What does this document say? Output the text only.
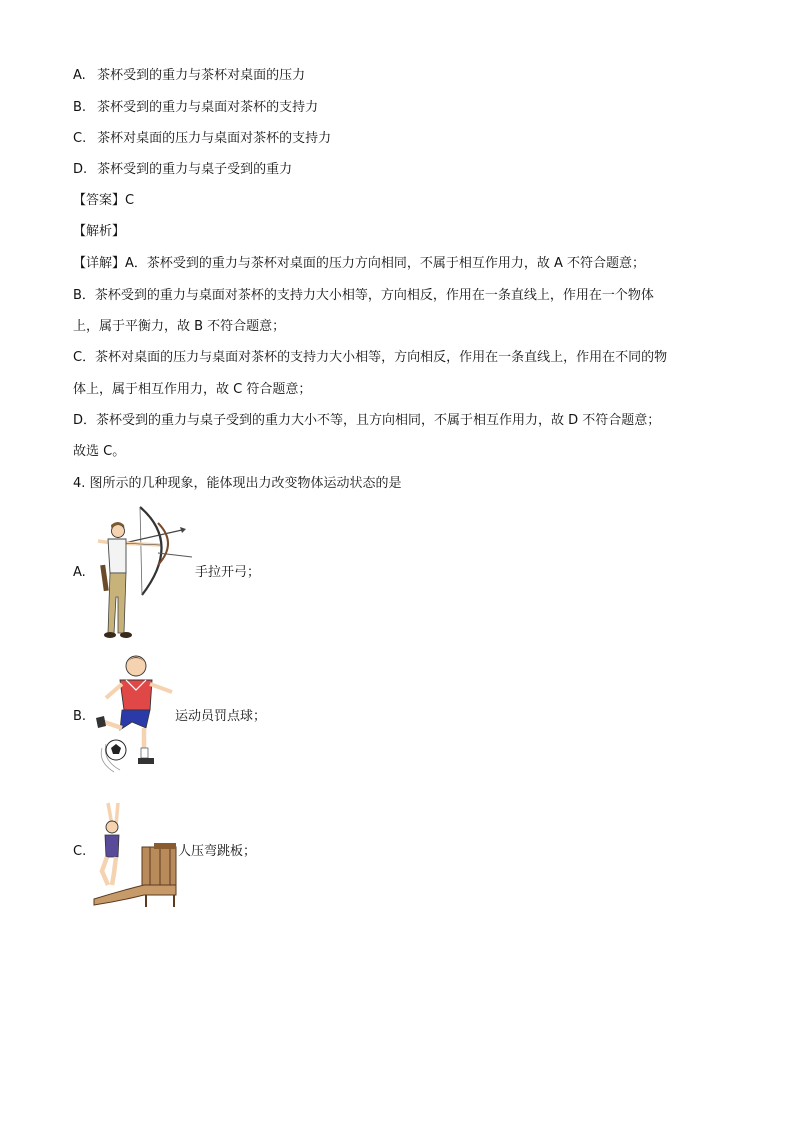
A. 茶杯受到的重力与茶杯对桌面的压力
B. 茶杯受到的重力与桌面对茶杯的支持力
C. 茶杯对桌面的压力与桌面对茶杯的支持力
D. 茶杯受到的重力与桌子受到的重力
【答案】C
【解析】
【详解】A．茶杯受到的重力与茶杯对桌面的压力方向相同，不属于相互作用力，故 A 不符合题意；
B．茶杯受到的重力与桌面对茶杯的支持力大小相等，方向相反，作用在一条直线上，作用在一个物体
上，属于平衡力，故 B 不符合题意；
C．茶杯对桌面的压力与桌面对茶杯的支持力大小相等，方向相反，作用在一条直线上，作用在不同的物
体上，属于相互作用力，故 C 符合题意；
D．茶杯受到的重力与桌子受到的重力大小不等，且方向相同，不属于相互作用力，故 D 不符合题意；
故选 C。
4. 图所示的几种现象，能体现出力改变物体运动状态的是
A.	手拉开弓；
B.	运动员罚点球；
C.	人压弯跳板；
